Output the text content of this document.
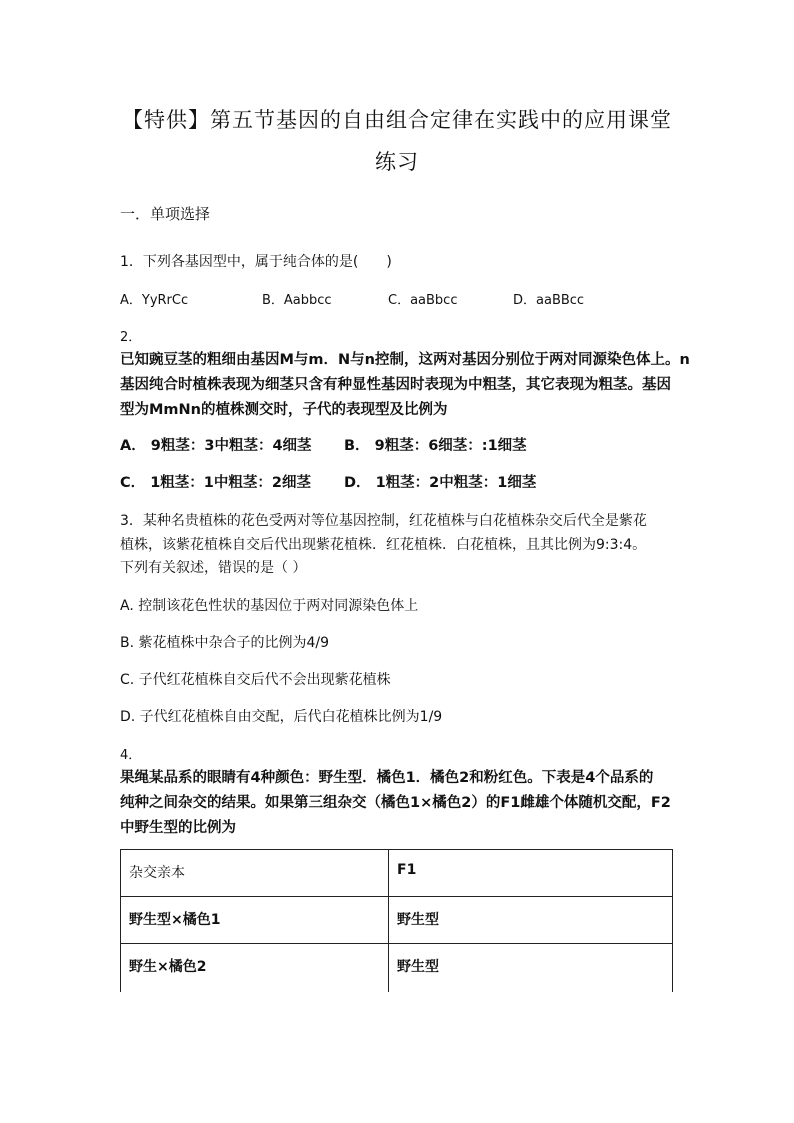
【特供】第五节基因的自由组合定律在实践中的应用课堂
练习
一．单项选择
1．下列各基因型中，属于纯合体的是(　　)
A．YyRrCc	B．Aabbcc	C．aaBbcc	D．aaBBcc
2．
已知豌豆茎的粗细由基因M与m．N与n控制，这两对基因分别位于两对同源染色体上。n
基因纯合时植株表现为细茎只含有种显性基因时表现为中粗茎，其它表现为粗茎。基因
型为MmNn的植株测交时，子代的表现型及比例为
A． 9粗茎：3中粗茎：4细茎 B． 9粗茎：6细茎：:1细茎
C． 1粗茎：1中粗茎：2细茎 D． 1粗茎：2中粗茎：1细茎
3．某种名贵植株的花色受两对等位基因控制，红花植株与白花植株杂交后代全是紫花
植株，该紫花植株自交后代出现紫花植株．红花植株．白花植株，且其比例为9:3:4。
下列有关叙述，错误的是（ ）
A. 控制该花色性状的基因位于两对同源染色体上
B. 紫花植株中杂合子的比例为4/9
C. 子代红花植株自交后代不会出现紫花植株
D. 子代红花植株自由交配，后代白花植株比例为1/9
4．
果绳某品系的眼睛有4种颜色：野生型．橘色1．橘色2和粉红色。下表是4个品系的
纯种之间杂交的结果。如果第三组杂交（橘色1×橘色2）的F1雌雄个体随机交配，F2
中野生型的比例为
杂交亲本	F1
野生型×橘色1	野生型
野生×橘色2	野生型
